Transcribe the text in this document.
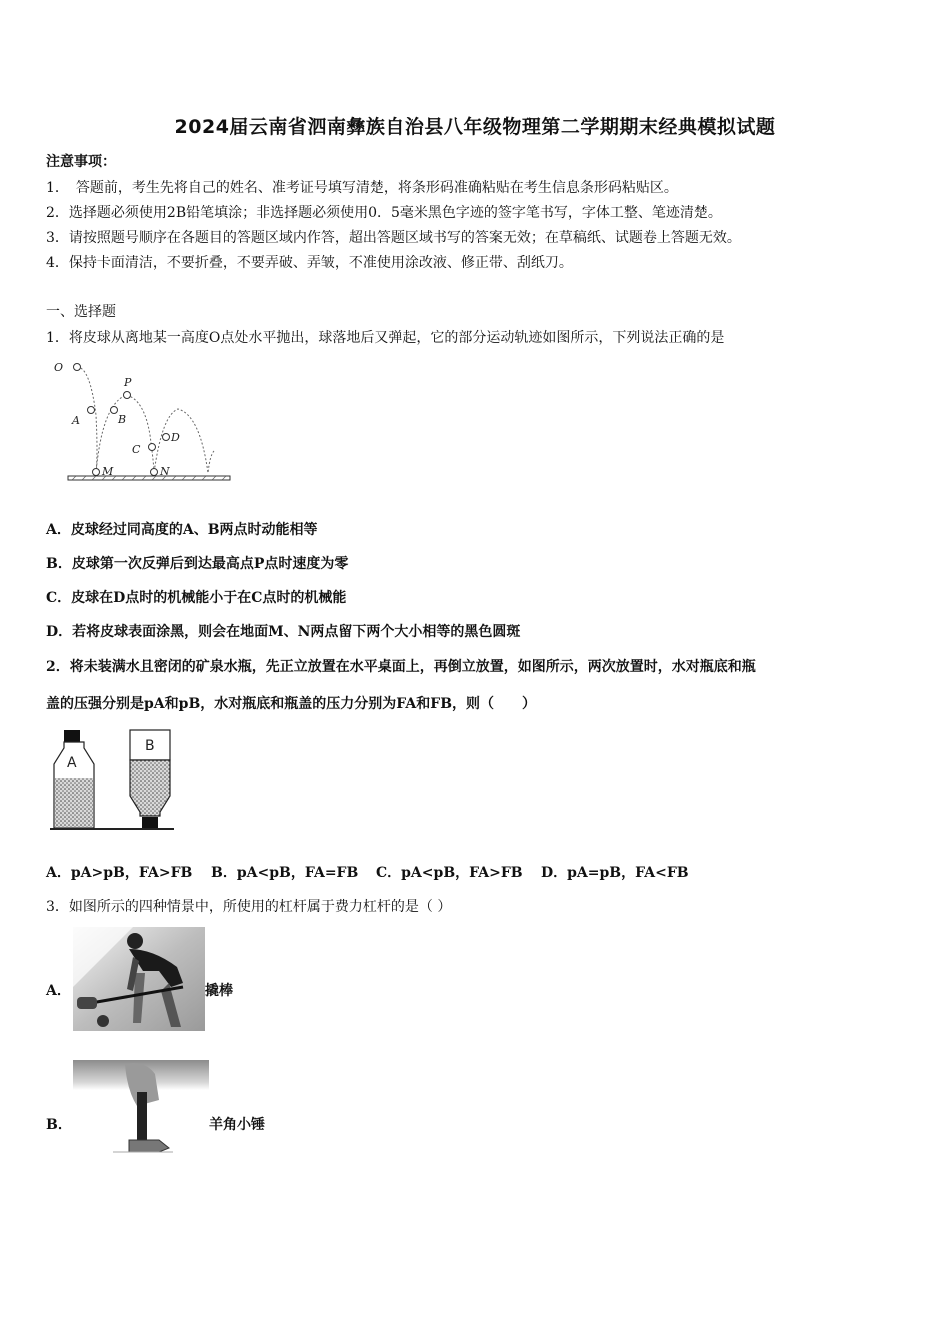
2024届云南省泗南彝族自治县八年级物理第二学期期末经典模拟试题
注意事项：
1．　答题前，考生先将自己的姓名、准考证号填写清楚，将条形码准确粘贴在考生信息条形码粘贴区。
2．选择题必须使用2B铅笔填涂；非选择题必须使用0．5毫米黑色字迹的签字笔书写，字体工整、笔迹清楚。
3．请按照题号顺序在各题目的答题区域内作答，超出答题区域书写的答案无效；在草稿纸、试题卷上答题无效。
4．保持卡面清洁，不要折叠，不要弄破、弄皱，不准使用涂改液、修正带、刮纸刀。
一、选择题
1．将皮球从离地某一高度O点处水平抛出，球落地后又弹起，它的部分运动轨迹如图所示，下列说法正确的是
O
A	B
P
C
D
M	N
A．皮球经过同高度的A、B两点时动能相等
B．皮球第一次反弹后到达最高点P点时速度为零
C．皮球在D点时的机械能小于在C点时的机械能
D．若将皮球表面涂黑，则会在地面M、N两点留下两个大小相等的黑色圆斑
2．将未装满水且密闭的矿泉水瓶，先正立放置在水平桌面上，再倒立放置，如图所示，两次放置时，水对瓶底和瓶
盖的压强分别是pA和pB，水对瓶底和瓶盖的压力分别为FA和FB，则（　　）
A
B
A．pA>pB，FA>FB B．pA<pB，FA=FB C．pA<pB，FA>FB D．pA=pB，FA<FB
3．如图所示的四种情景中，所使用的杠杆属于费力杠杆的是（ ）
A．	撬棒
B．	羊角小锤
